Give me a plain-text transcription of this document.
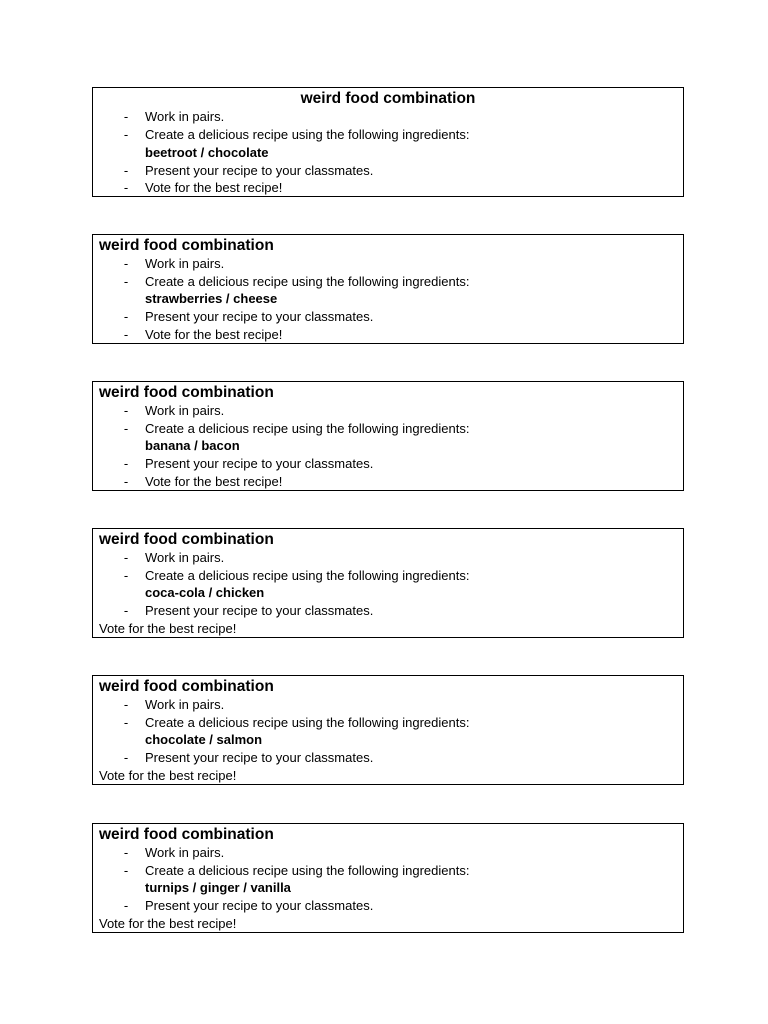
weird food combination
- Work in pairs.
- Create a delicious recipe using the following ingredients:
beetroot / chocolate
- Present your recipe to your classmates.
- Vote for the best recipe!
weird food combination
- Work in pairs.
- Create a delicious recipe using the following ingredients:
strawberries / cheese
- Present your recipe to your classmates.
- Vote for the best recipe!
weird food combination
- Work in pairs.
- Create a delicious recipe using the following ingredients:
banana / bacon
- Present your recipe to your classmates.
- Vote for the best recipe!
weird food combination
- Work in pairs.
- Create a delicious recipe using the following ingredients:
coca-cola / chicken
- Present your recipe to your classmates.
Vote for the best recipe!
weird food combination
- Work in pairs.
- Create a delicious recipe using the following ingredients:
chocolate / salmon
- Present your recipe to your classmates.
Vote for the best recipe!
weird food combination
- Work in pairs.
- Create a delicious recipe using the following ingredients:
turnips / ginger / vanilla
- Present your recipe to your classmates.
Vote for the best recipe!
